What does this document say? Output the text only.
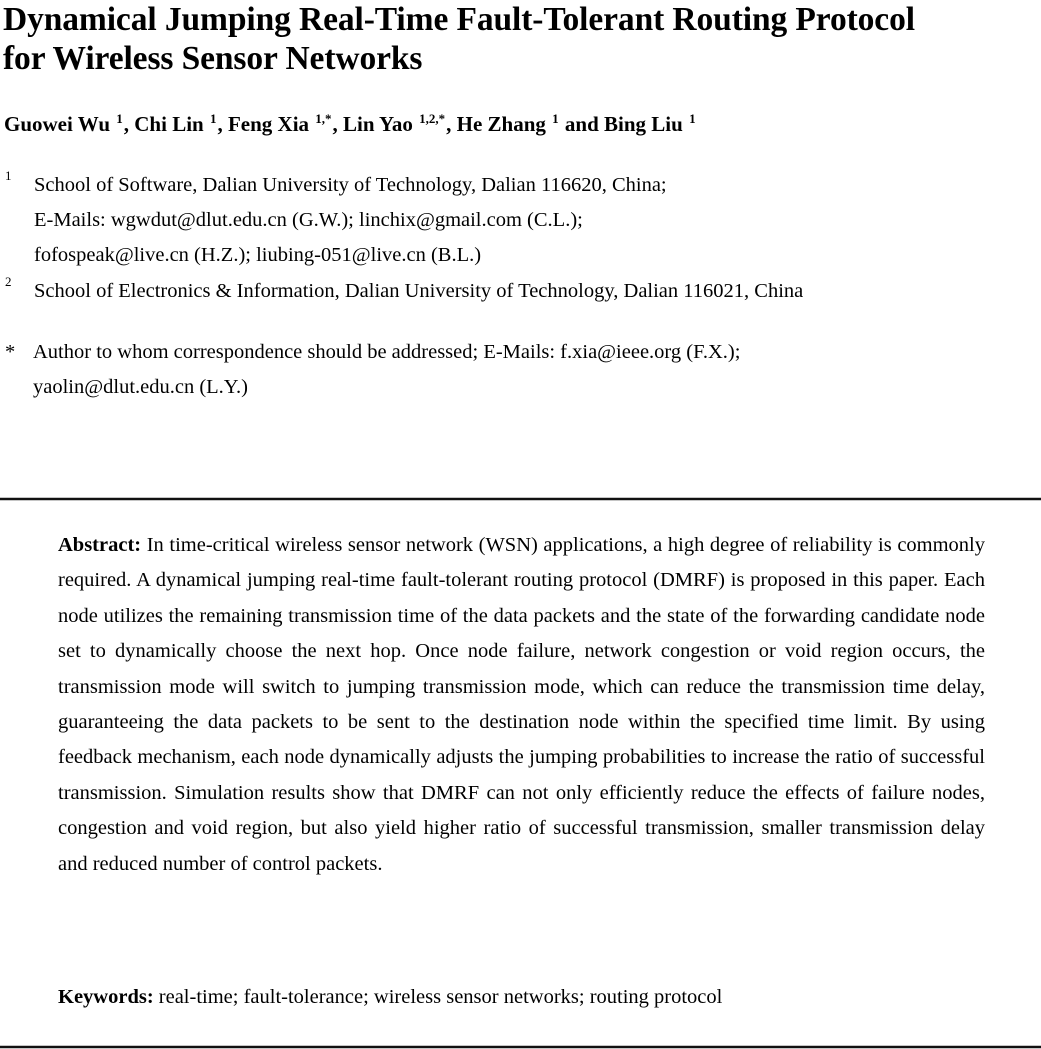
Dynamical Jumping Real-Time Fault-Tolerant Routing Protocol
for Wireless Sensor Networks
Guowei Wu $^1$, Chi Lin $^1$, Feng Xia $^{1,*}$, Lin Yao $^{1,2,*}$, He Zhang $^1$ and Bing Liu $^1$
1 School of Software, Dalian University of Technology, Dalian 116620, China;
E-Mails: wgwdut@dlut.edu.cn (G.W.); linchix@gmail.com (C.L.);
fofospeak@live.cn (H.Z.); liubing-051@live.cn (B.L.)
2 School of Electronics & Information, Dalian University of Technology, Dalian 116021, China
* Author to whom correspondence should be addressed; E-Mails: f.xia@ieee.org (F.X.);
yaolin@dlut.edu.cn (L.Y.)

Abstract: In time-critical wireless sensor network (WSN) applications, a high degree of reliability is commonly required. A dynamical jumping real-time fault-tolerant routing protocol (DMRF) is proposed in this paper. Each node utilizes the remaining transmission time of the data packets and the state of the forwarding candidate node set to dynamically choose the next hop. Once node failure, network congestion or void region occurs, the transmission mode will switch to jumping transmission mode, which can reduce the transmission time delay, guaranteeing the data packets to be sent to the destination node within the specified time limit. By using feedback mechanism, each node dynamically adjusts the jumping probabilities to increase the ratio of successful transmission. Simulation results show that DMRF can not only efficiently reduce the effects of failure nodes, congestion and void region, but also yield higher ratio of successful transmission, smaller transmission delay and reduced number of control packets.

Keywords: real-time; fault-tolerance; wireless sensor networks; routing protocol
